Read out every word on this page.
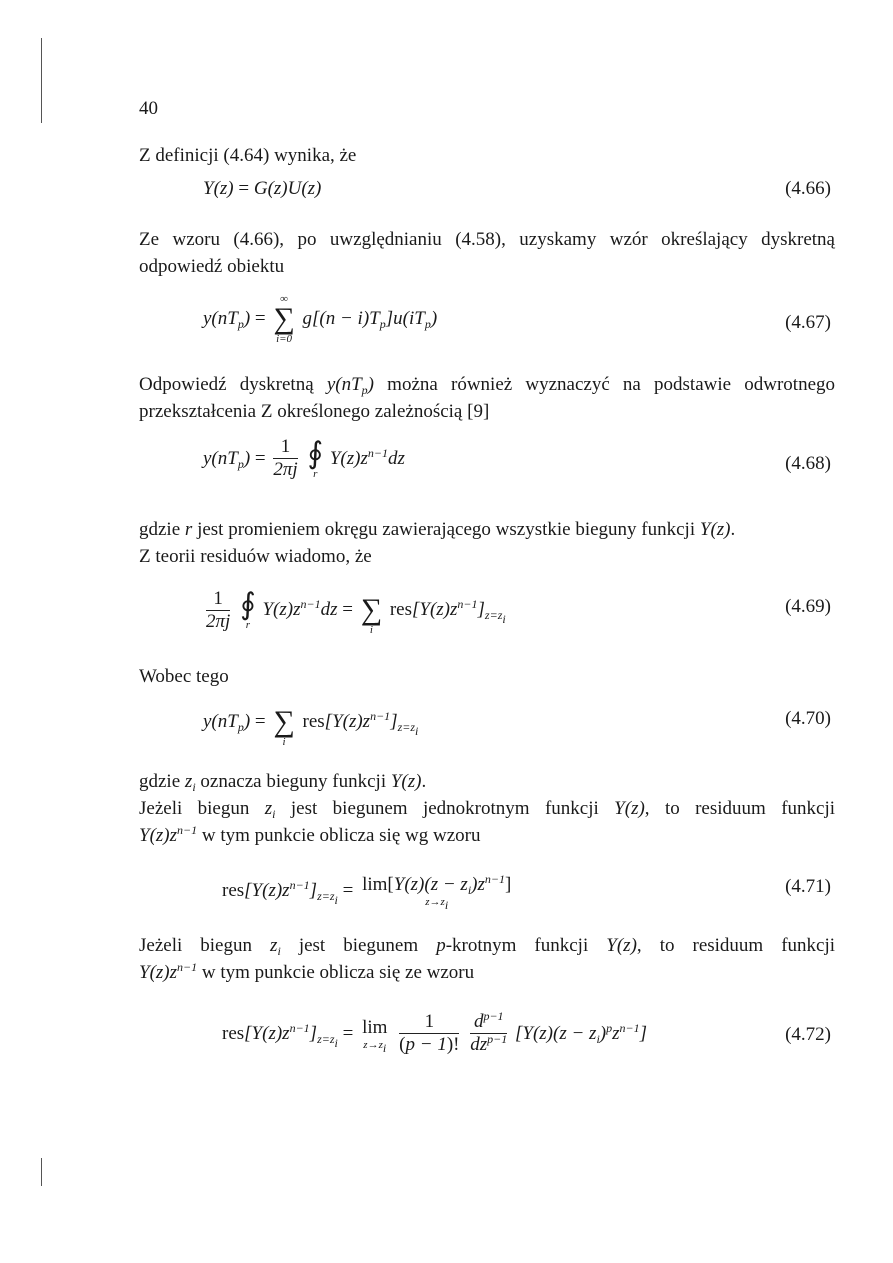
40
Z definicji (4.64) wynika, że
Y(z) = G(z)U(z)	(4.66)
Ze wzoru (4.66), po uwzględnianiu (4.58), uzyskamy wzór określający dyskretną
odpowiedź obiektu
$y(nT_p)$ =
∞
∑
i=0
$g[(n - i)T_p]u(iT_p)$	(4.67)
Odpowiedź dyskretną $y(nT_p)$ można również wyznaczyć na podstawie odwrotnego
przekształcenia Z określonego zależnością [9]
$y(nT_p) = \frac{1}{2\pi j}$
∮
r
$Y(z)z^{n-1}dz$	(4.68)
gdzie r jest promieniem okręgu zawierającego wszystkie bieguny funkcji Y(z).
Z teorii residuów wiadomo, że
$\frac{1}{2\pi j}$
∮
r
$Y(z)z^{n-1}dz$ =
∑
i
$res[Y(z)z^{n-1}]_{z=z_i}$
(4.69)
Wobec tego
$y(nT_p)$ =
∑
i
$res[Y(z)z^{n-1}]_{z=z_i}$
(4.70)
gdzie $z_i$ oznacza bieguny funkcji Y(z).
Jeżeli biegun $z_i$ jest biegunem jednokrotnym funkcji Y(z), to residuum funkcji
$Y(z)z^{n-1}$ w tym punkcie oblicza się wg wzoru
$res[Y(z)z^{n-1}]_{z=z_i} = \lim[Y(z)(z - z_i)z^{n-1}]$
$z\to z_i$
(4.71)
Jeżeli biegun $z_i$ jest biegunem p-krotnym funkcji Y(z), to residuum funkcji
$Y(z)z^{n-1}$ w tym punkcie oblicza się ze wzoru
$res[Y(z)z^{n-1}]_{z=z_i} = \lim$
$z\to z_i$
$\frac{1}{(p - 1)!}$
$\frac{d^{p-1}}{dz^{p-1}} [Y(z)(z - z_i)^pz^{n-1}]$	(4.72)
